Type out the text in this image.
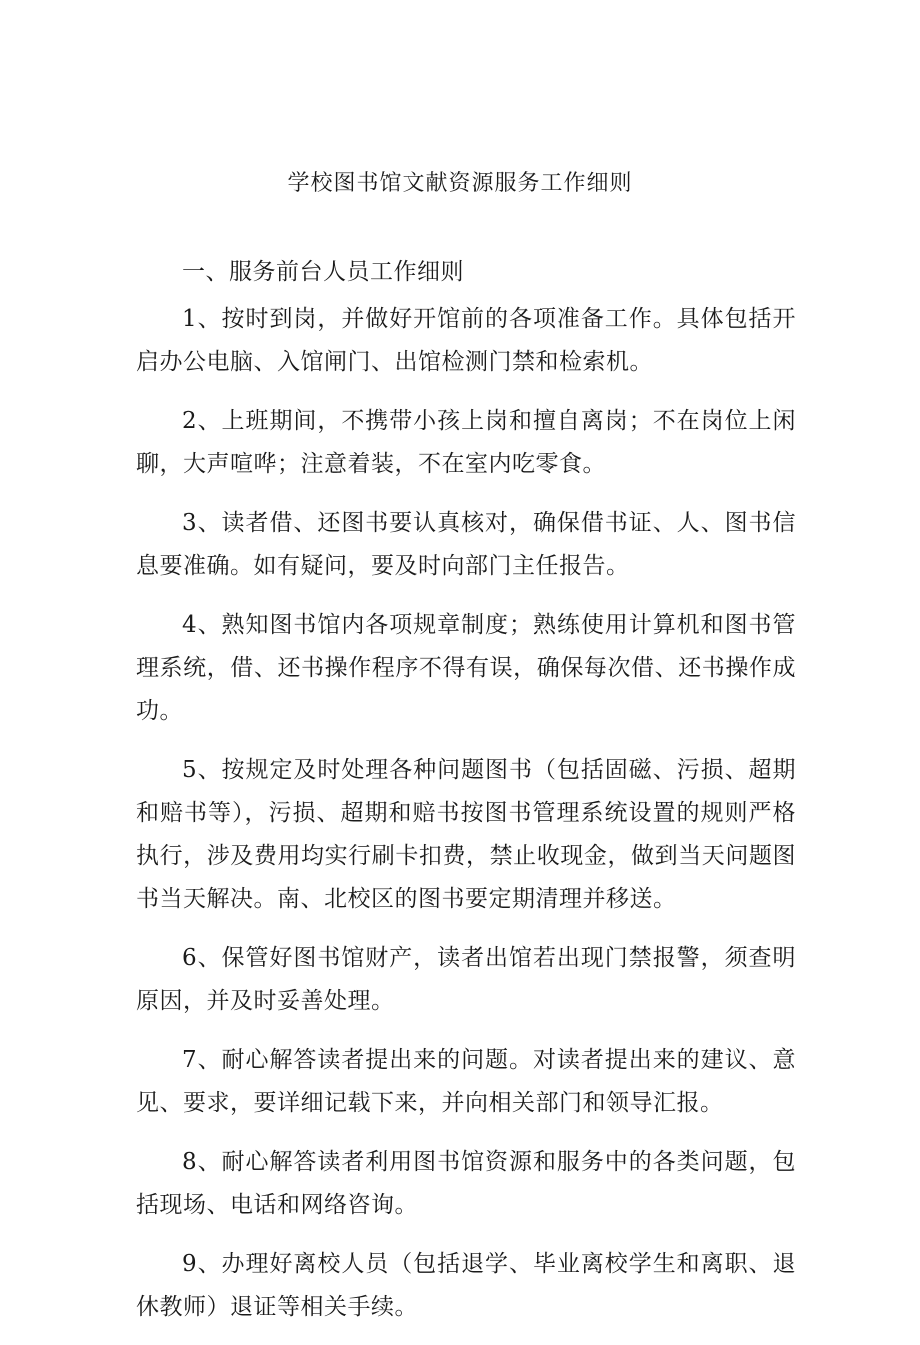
学校图书馆文献资源服务工作细则

一、服务前台人员工作细则

1、按时到岗，并做好开馆前的各项准备工作。具体包括开启办公电脑、入馆闸门、出馆检测门禁和检索机。

2、上班期间，不携带小孩上岗和擅自离岗；不在岗位上闲聊，大声喧哗；注意着装，不在室内吃零食。

3、读者借、还图书要认真核对，确保借书证、人、图书信息要准确。如有疑问，要及时向部门主任报告。

4、熟知图书馆内各项规章制度；熟练使用计算机和图书管理系统，借、还书操作程序不得有误，确保每次借、还书操作成功。

5、按规定及时处理各种问题图书（包括固磁、污损、超期和赔书等），污损、超期和赔书按图书管理系统设置的规则严格执行，涉及费用均实行刷卡扣费，禁止收现金，做到当天问题图书当天解决。南、北校区的图书要定期清理并移送。

6、保管好图书馆财产，读者出馆若出现门禁报警，须查明原因，并及时妥善处理。

7、耐心解答读者提出来的问题。对读者提出来的建议、意见、要求，要详细记载下来，并向相关部门和领导汇报。

8、耐心解答读者利用图书馆资源和服务中的各类问题，包括现场、电话和网络咨询。

9、办理好离校人员（包括退学、毕业离校学生和离职、退休教师）退证等相关手续。
